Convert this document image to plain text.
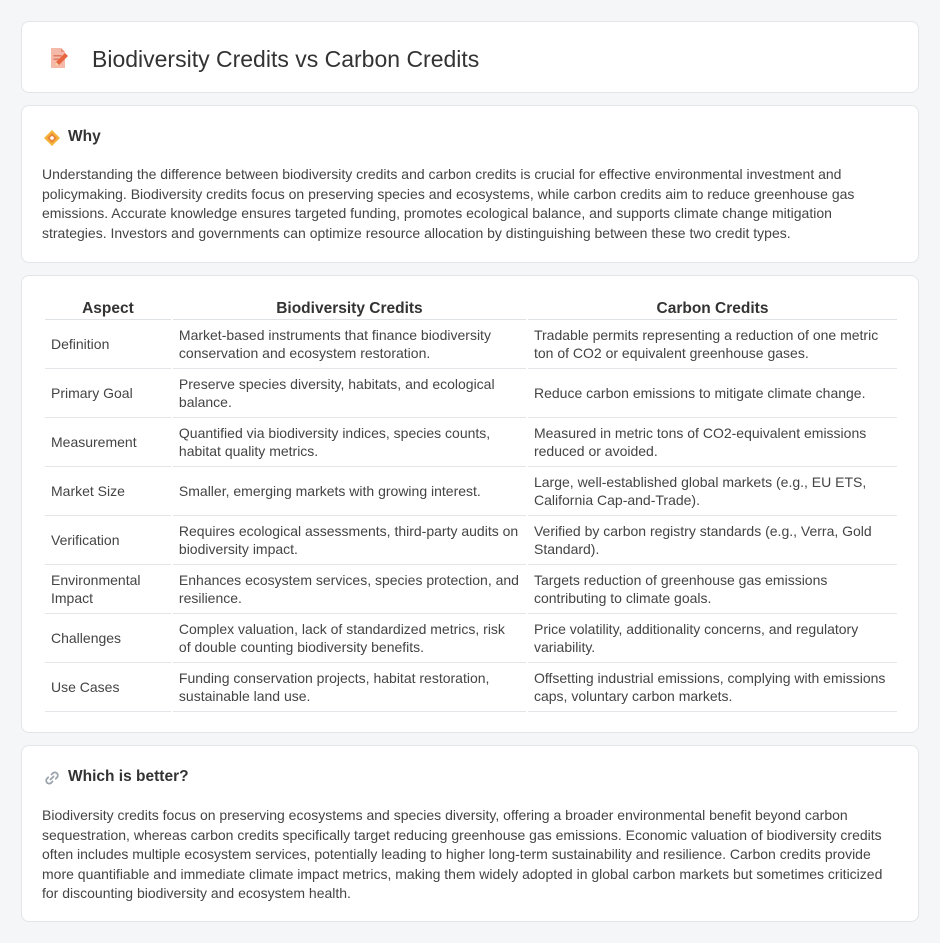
Biodiversity Credits vs Carbon Credits
Why

Understanding the difference between biodiversity credits and carbon credits is crucial for effective environmental investment and policymaking. Biodiversity credits focus on preserving species and ecosystems, while carbon credits aim to reduce greenhouse gas emissions. Accurate knowledge ensures targeted funding, promotes ecological balance, and supports climate change mitigation strategies. Investors and governments can optimize resource allocation by distinguishing between these two credit types.

Aspect	Biodiversity Credits	Carbon Credits
Definition	Market-based instruments that finance biodiversity conservation and ecosystem restoration.	Tradable permits representing a reduction of one metric ton of CO2 or equivalent greenhouse gases.
Primary Goal	Preserve species diversity, habitats, and ecological balance.	Reduce carbon emissions to mitigate climate change.
Measurement	Quantified via biodiversity indices, species counts, habitat quality metrics.	Measured in metric tons of CO2-equivalent emissions reduced or avoided.
Market Size	Smaller, emerging markets with growing interest.	Large, well-established global markets (e.g., EU ETS, California Cap-and-Trade).
Verification	Requires ecological assessments, third-party audits on biodiversity impact.	Verified by carbon registry standards (e.g., Verra, Gold Standard).
Environmental Impact	Enhances ecosystem services, species protection, and resilience.	Targets reduction of greenhouse gas emissions contributing to climate goals.
Challenges	Complex valuation, lack of standardized metrics, risk of double counting biodiversity benefits.	Price volatility, additionality concerns, and regulatory variability.
Use Cases	Funding conservation projects, habitat restoration, sustainable land use.	Offsetting industrial emissions, complying with emissions caps, voluntary carbon markets.
Which is better?

Biodiversity credits focus on preserving ecosystems and species diversity, offering a broader environmental benefit beyond carbon sequestration, whereas carbon credits specifically target reducing greenhouse gas emissions. Economic valuation of biodiversity credits often includes multiple ecosystem services, potentially leading to higher long-term sustainability and resilience. Carbon credits provide more quantifiable and immediate climate impact metrics, making them widely adopted in global carbon markets but sometimes criticized for discounting biodiversity and ecosystem health.
